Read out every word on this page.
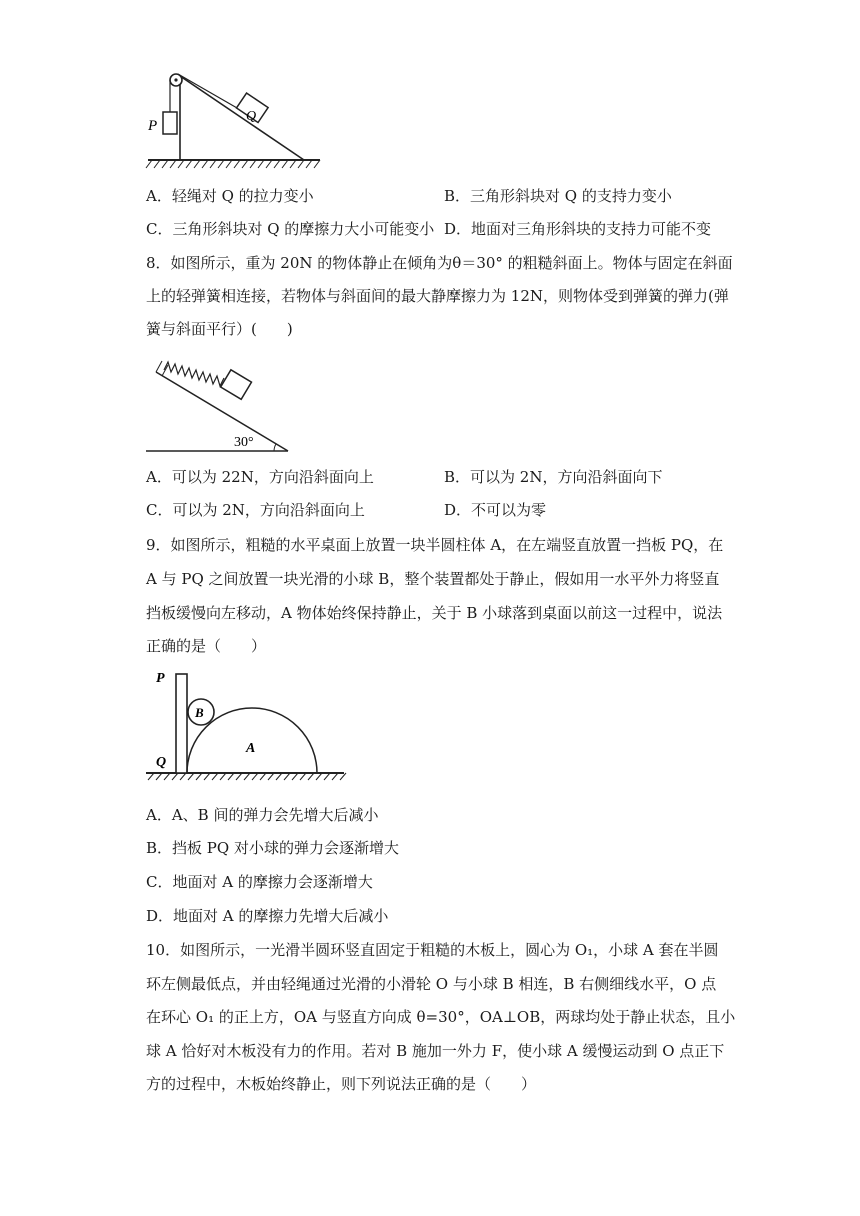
P
Q
A．轻绳对 Q 的拉力变小	B．三角形斜块对 Q 的支持力变小
C．三角形斜块对 Q 的摩擦力大小可能变小 D．地面对三角形斜块的支持力可能不变
8．如图所示，重为 20N 的物体静止在倾角为θ＝30° 的粗糙斜面上。物体与固定在斜面
上的轻弹簧相连接，若物体与斜面间的最大静摩擦力为 12N，则物体受到弹簧的弹力(弹
簧与斜面平行）(　　)
30°
A．可以为 22N，方向沿斜面向上	B．可以为 2N，方向沿斜面向下
C．可以为 2N，方向沿斜面向上	D．不可以为零
9．如图所示，粗糙的水平桌面上放置一块半圆柱体 A，在左端竖直放置一挡板 PQ，在
A 与 PQ 之间放置一块光滑的小球 B，整个装置都处于静止，假如用一水平外力将竖直
挡板缓慢向左移动，A 物体始终保持静止，关于 B 小球落到桌面以前这一过程中，说法
正确的是（　　）
P
Q
B
A
A．A、B 间的弹力会先增大后减小
B．挡板 PQ 对小球的弹力会逐渐增大
C．地面对 A 的摩擦力会逐渐增大
D．地面对 A 的摩擦力先增大后减小
10．如图所示，一光滑半圆环竖直固定于粗糙的木板上，圆心为 O₁，小球 A 套在半圆
环左侧最低点，并由轻绳通过光滑的小滑轮 O 与小球 B 相连，B 右侧细线水平，O 点
在环心 O₁ 的正上方，OA 与竖直方向成 θ=30°，OA⊥OB，两球均处于静止状态，且小
球 A 恰好对木板没有力的作用。若对 B 施加一外力 F，使小球 A 缓慢运动到 O 点正下
方的过程中，木板始终静止，则下列说法正确的是（　　）
